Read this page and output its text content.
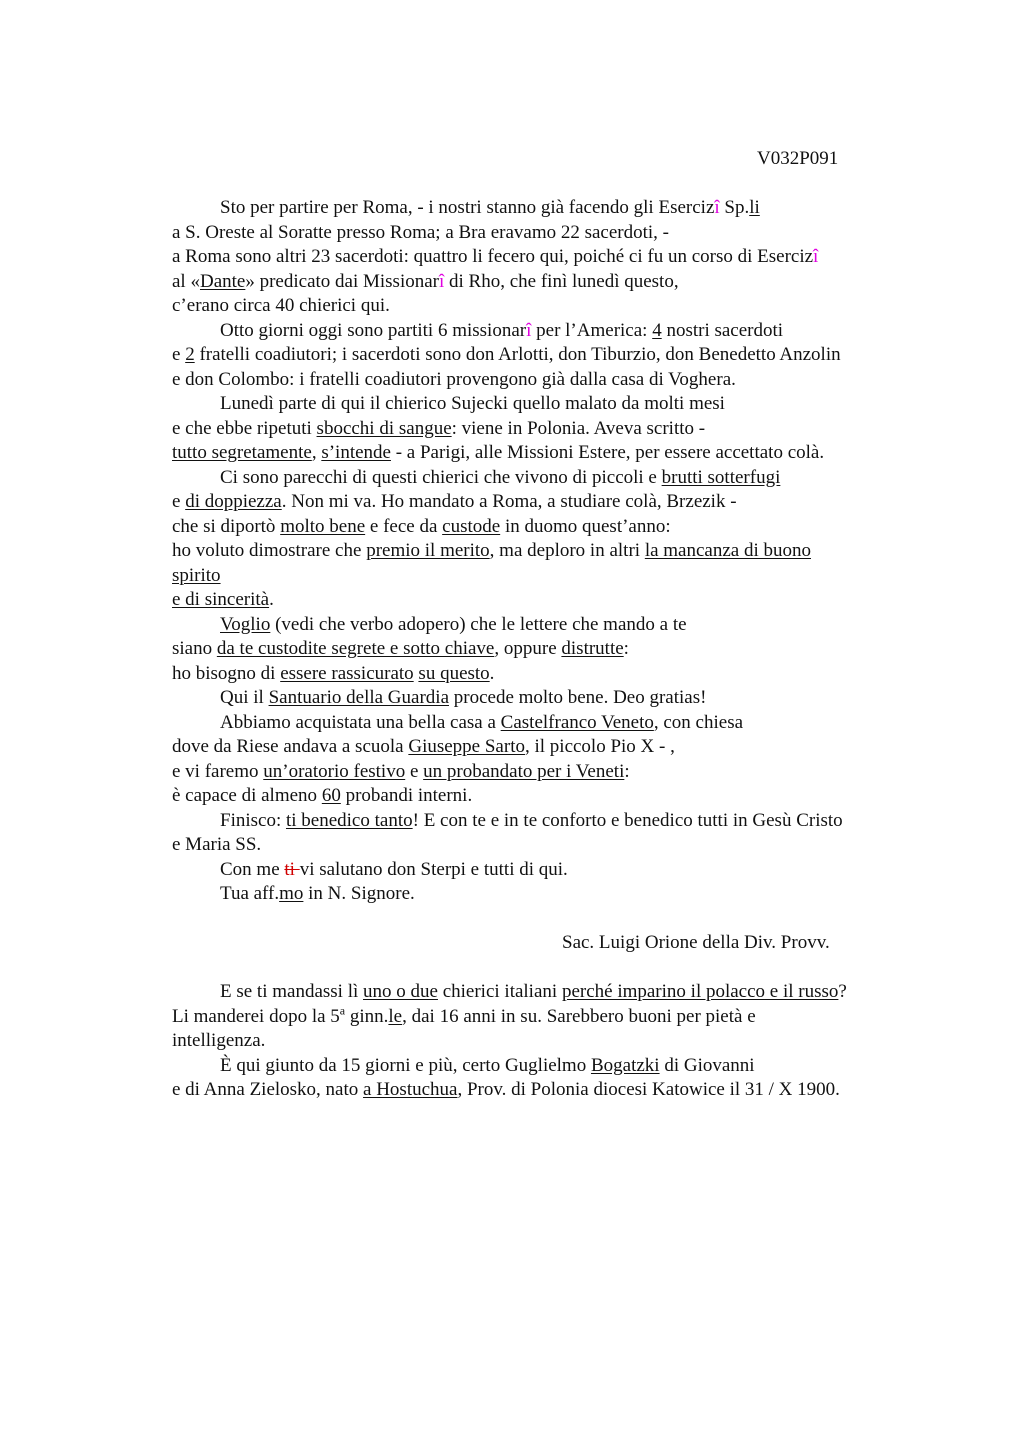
V032P091
Sto per partire per Roma, - i nostri stanno già facendo gli Esercizî Sp.li
a S. Oreste al Soratte presso Roma; a Bra eravamo 22 sacerdoti, -
a Roma sono altri 23 sacerdoti: quattro li fecero qui, poiché ci fu un corso di Esercizî
al «Dante» predicato dai Missionarî di Rho, che finì lunedì questo,
c’erano circa 40 chierici qui.
Otto giorni oggi sono partiti 6 missionarî per l’America: 4 nostri sacerdoti
e 2 fratelli coadiutori; i sacerdoti sono don Arlotti, don Tiburzio, don Benedetto Anzolin
e don Colombo: i fratelli coadiutori provengono già dalla casa di Voghera.
Lunedì parte di qui il chierico Sujecki quello malato da molti mesi
e che ebbe ripetuti sbocchi di sangue: viene in Polonia. Aveva scritto -
tutto segretamente, s’intende - a Parigi, alle Missioni Estere, per essere accettato colà.
Ci sono parecchi di questi chierici che vivono di piccoli e brutti sotterfugi
e di doppiezza. Non mi va. Ho mandato a Roma, a studiare colà, Brzezik -
che si diportò molto bene e fece da custode in duomo quest’anno:
ho voluto dimostrare che premio il merito, ma deploro in altri la mancanza di buono
spirito
e di sincerità.
Voglio (vedi che verbo adopero) che le lettere che mando a te
siano da te custodite segrete e sotto chiave, oppure distrutte:
ho bisogno di essere rassicurato su questo.
Qui il Santuario della Guardia procede molto bene. Deo gratias!
Abbiamo acquistata una bella casa a Castelfranco Veneto, con chiesa
dove da Riese andava a scuola Giuseppe Sarto, il piccolo Pio X - ,
e vi faremo un’oratorio festivo e un probandato per i Veneti:
è capace di almeno 60 probandi interni.
Finisco: ti benedico tanto! E con te e in te conforto e benedico tutti in Gesù Cristo
e Maria SS.
Con me ti vi salutano don Sterpi e tutti di qui.
Tua aff.mo in N. Signore.
Sac. Luigi Orione della Div. Provv.
E se ti mandassi lì uno o due chierici italiani perché imparino il polacco e il russo?
Li manderei dopo la 5$^a$ ginn.le, dai 16 anni in su. Sarebbero buoni per pietà e
intelligenza.
È qui giunto da 15 giorni e più, certo Guglielmo Bogatzki di Giovanni
e di Anna Zielosko, nato a Hostuchua, Prov. di Polonia diocesi Katowice il 31 / X 1900.
